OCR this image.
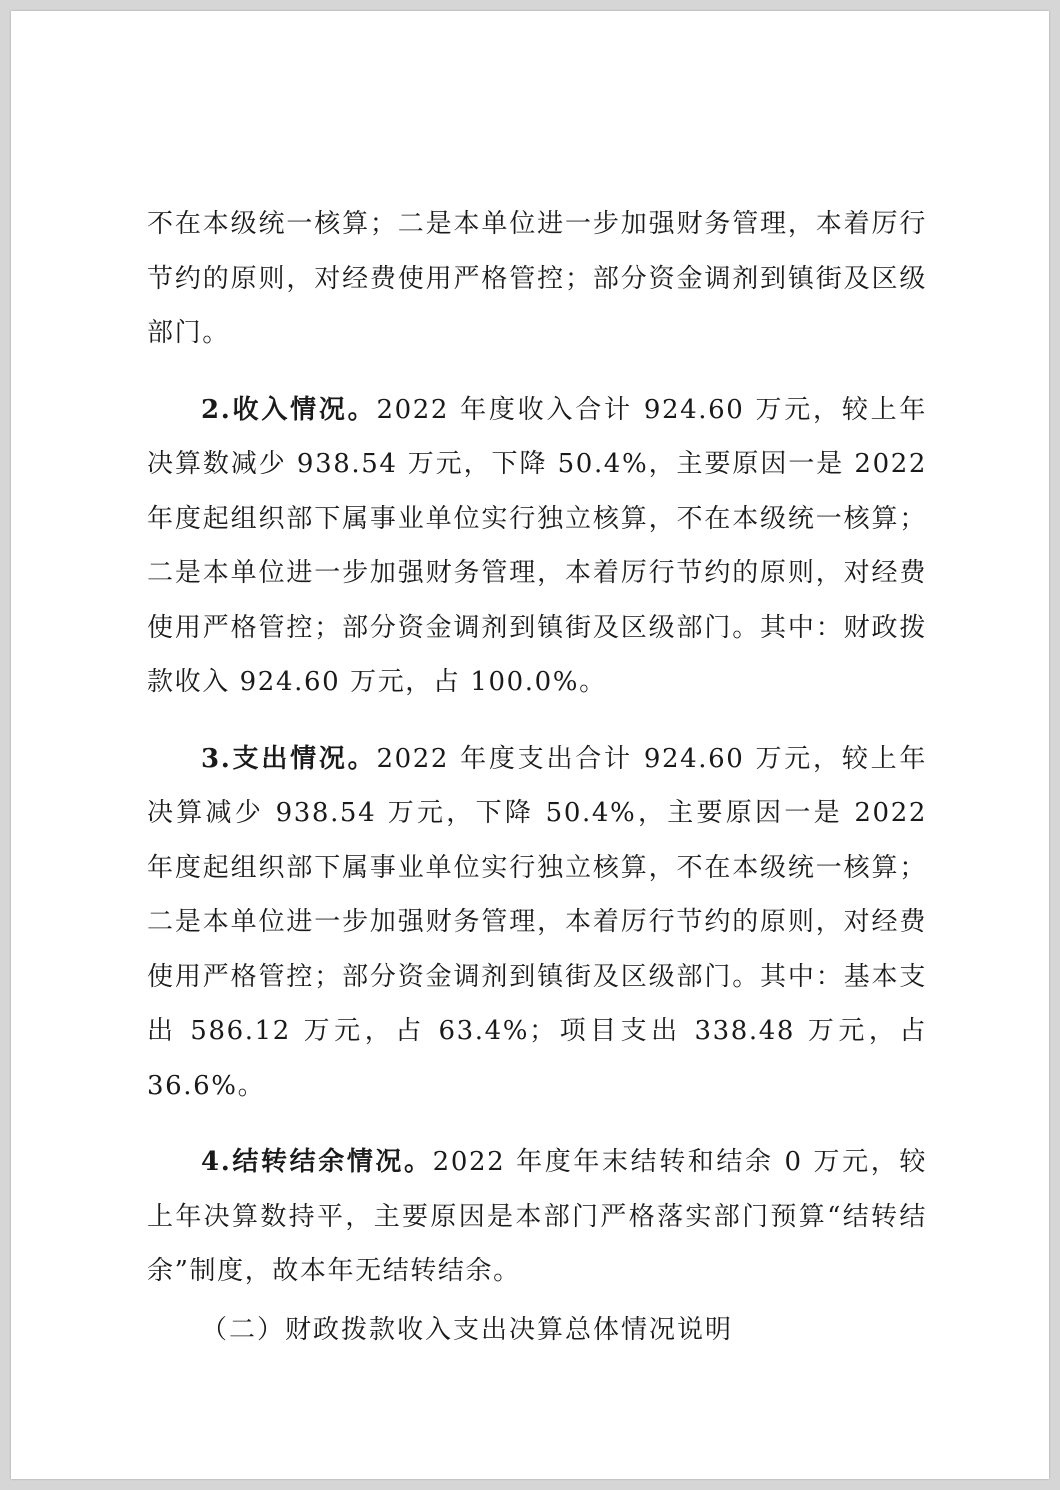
不在本级统一核算；二是本单位进一步加强财务管理，本着厉行节约的原则，对经费使用严格管控；部分资金调剂到镇街及区级部门。

2.收入情况。2022 年度收入合计 924.60 万元，较上年决算数减少 938.54 万元，下降 50.4%，主要原因一是 2022 年度起组织部下属事业单位实行独立核算，不在本级统一核算；二是本单位进一步加强财务管理，本着厉行节约的原则，对经费使用严格管控；部分资金调剂到镇街及区级部门。其中：财政拨款收入 924.60 万元，占 100.0%。

3.支出情况。2022 年度支出合计 924.60 万元，较上年决算减少 938.54 万元，下降 50.4%，主要原因一是 2022 年度起组织部下属事业单位实行独立核算，不在本级统一核算；二是本单位进一步加强财务管理，本着厉行节约的原则，对经费使用严格管控；部分资金调剂到镇街及区级部门。其中：基本支出 586.12 万元，占 63.4%；项目支出 338.48 万元，占 36.6%。

4.结转结余情况。2022 年度年末结转和结余 0 万元，较上年决算数持平，主要原因是本部门严格落实部门预算“结转结余”制度，故本年无结转结余。

（二）财政拨款收入支出决算总体情况说明
